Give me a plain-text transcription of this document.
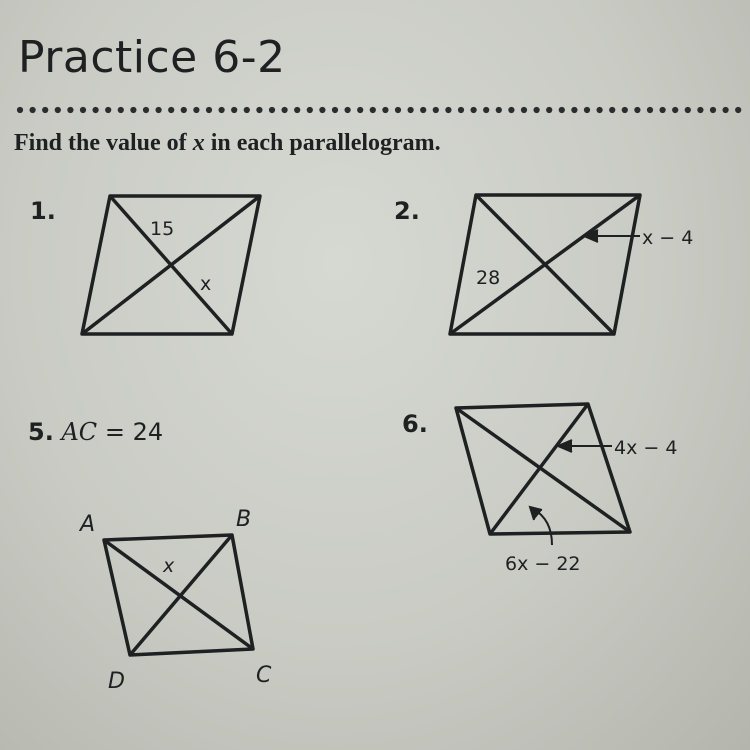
Practice 6-2
Find the value of x in each parallelogram.
1.	2.
6.
5. AC = 24
15
x	28
x − 4
x
A	B
C
D
4x − 4
6x − 22
